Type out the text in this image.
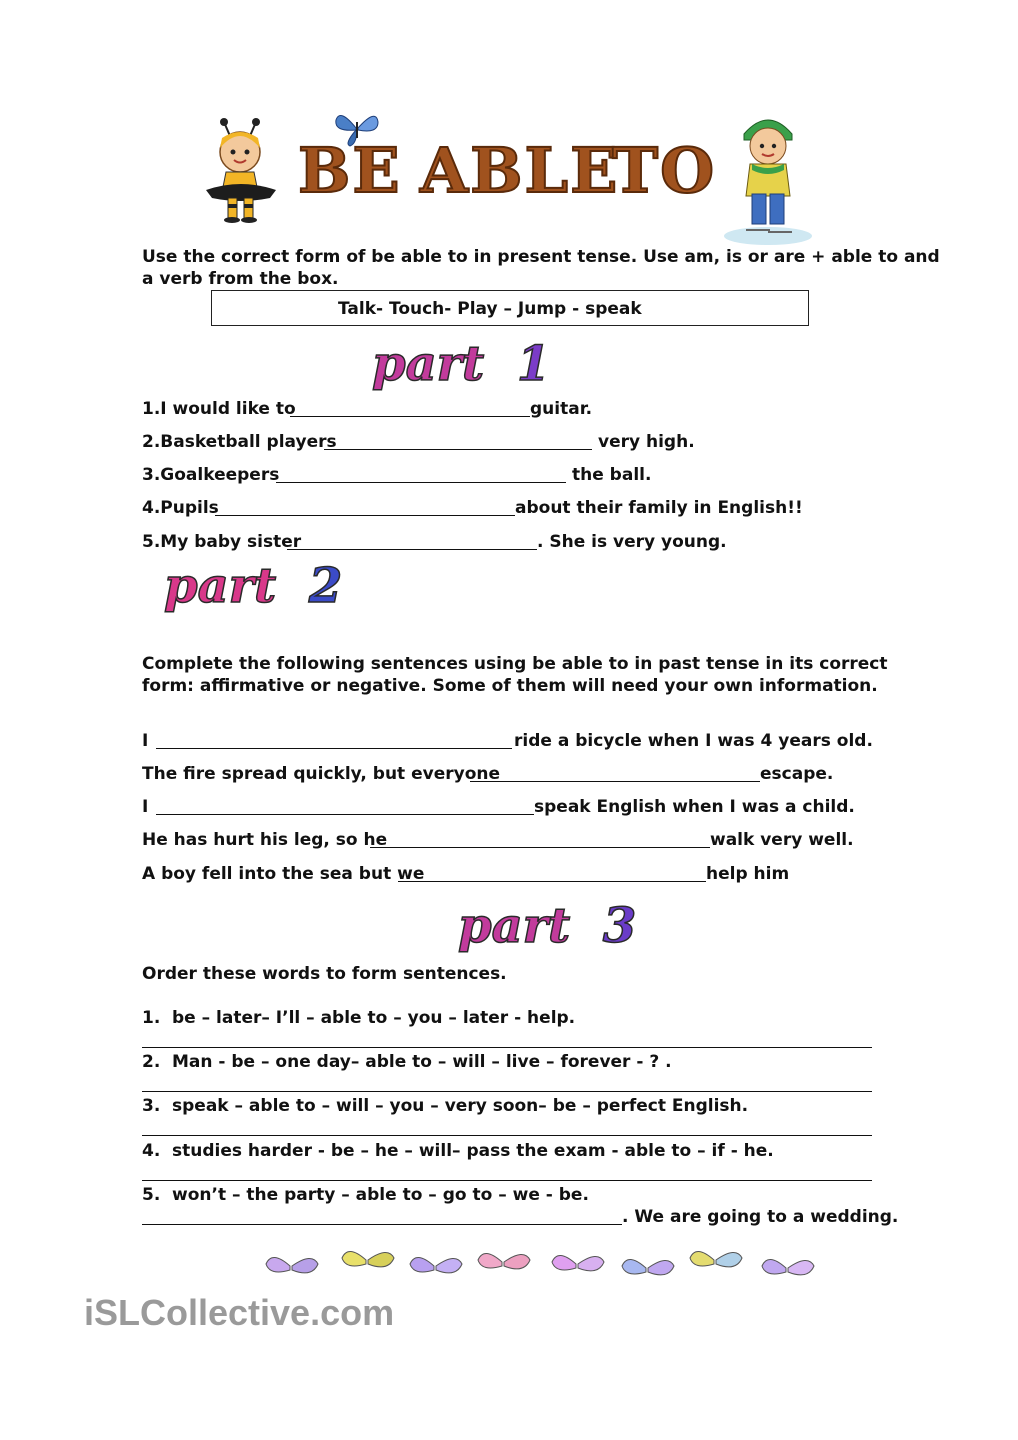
BE ABLE
TO
Use the correct form of be able to in present tense. Use am, is or are + able to and
a verb from the box.
Talk- Touch- Play – Jump - speak
part 1
1.I would like to	guitar.
2.Basketball players	very high.
3.Goalkeepers	the ball.
4.Pupils	about their family in English!!
5.My baby sister	. She is very young.
part 2
Complete the following sentences using be able to in past tense in its correct
form: affirmative or negative. Some of them will need your own information.
I	ride a bicycle when I was 4 years old.
The fire spread quickly, but everyone	escape.
I	speak English when I was a child.
He has hurt his leg, so he	walk very well.
A boy fell into the sea but we	help him
part 3
Order these words to form sentences.
1. be – later– I’ll – able to – you – later - help.
2. Man - be – one day– able to – will – live – forever - ? .
3. speak – able to – will – you – very soon– be – perfect English.
4. studies harder - be – he – will– pass the exam - able to – if - he.
5. won’t – the party – able to – go to – we - be.
. We are going to a wedding.
iSLCollective.com
